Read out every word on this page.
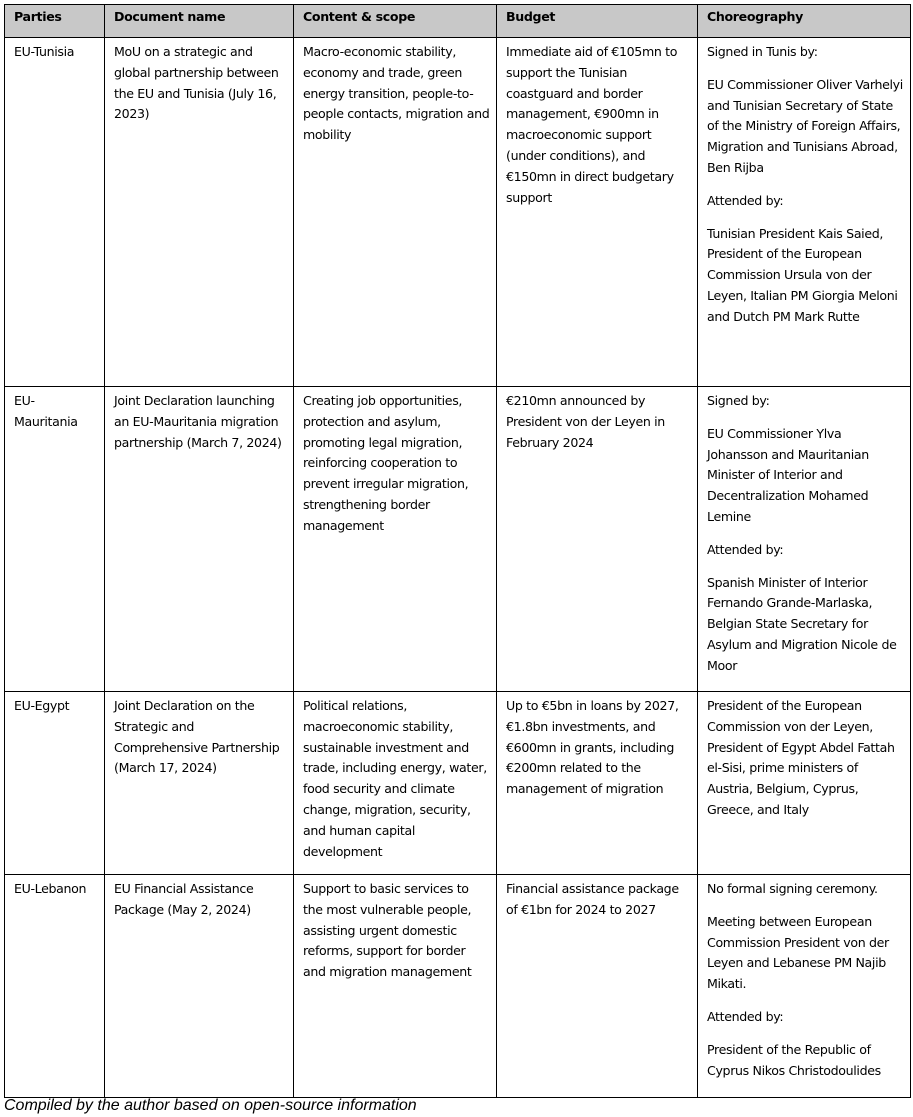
Parties	Document name	Content & scope	Budget	Choreography
EU-Tunisia	MoU on a strategic and global partnership between the EU and Tunisia (July 16, 2023)	Macro-economic stability, economy and trade, green energy transition, people-to-people contacts, migration and mobility	Immediate aid of €105mn to support the Tunisian coastguard and border management, €900mn in macroeconomic support (under conditions), and €150mn in direct budgetary support	Signed in Tunis by:

EU Commissioner Oliver Varhelyi and Tunisian Secretary of State of the Ministry of Foreign Affairs, Migration and Tunisians Abroad, Ben Rijba

Attended by:

Tunisian President Kais Saied, President of the European Commission Ursula von der Leyen, Italian PM Giorgia Meloni and Dutch PM Mark Rutte

EU-Mauritania	Joint Declaration launching an EU-Mauritania migration partnership (March 7, 2024)	Creating job opportunities, protection and asylum, promoting legal migration, reinforcing cooperation to prevent irregular migration, strengthening border management	€210mn announced by President von der Leyen in February 2024	Signed by:

EU Commissioner Ylva Johansson and Mauritanian Minister of Interior and Decentralization Mohamed Lemine

Attended by:

Spanish Minister of Interior Fernando Grande-Marlaska, Belgian State Secretary for Asylum and Migration Nicole de Moor

EU-Egypt	Joint Declaration on the Strategic and Comprehensive Partnership (March 17, 2024)	Political relations, macroeconomic stability, sustainable investment and trade, including energy, water, food security and climate change, migration, security, and human capital development	Up to €5bn in loans by 2027, €1.8bn investments, and €600mn in grants, including €200mn related to the management of migration	President of the European Commission von der Leyen, President of Egypt Abdel Fattah el-Sisi, prime ministers of Austria, Belgium, Cyprus, Greece, and Italy

EU-Lebanon	EU Financial Assistance Package (May 2, 2024)	Support to basic services to the most vulnerable people, assisting urgent domestic reforms, support for border and migration management	Financial assistance package of €1bn for 2024 to 2027	No formal signing ceremony.

Meeting between European Commission President von der Leyen and Lebanese PM Najib Mikati.

Attended by:

President of the Republic of Cyprus Nikos Christodoulides

Compiled by the author based on open-source information
